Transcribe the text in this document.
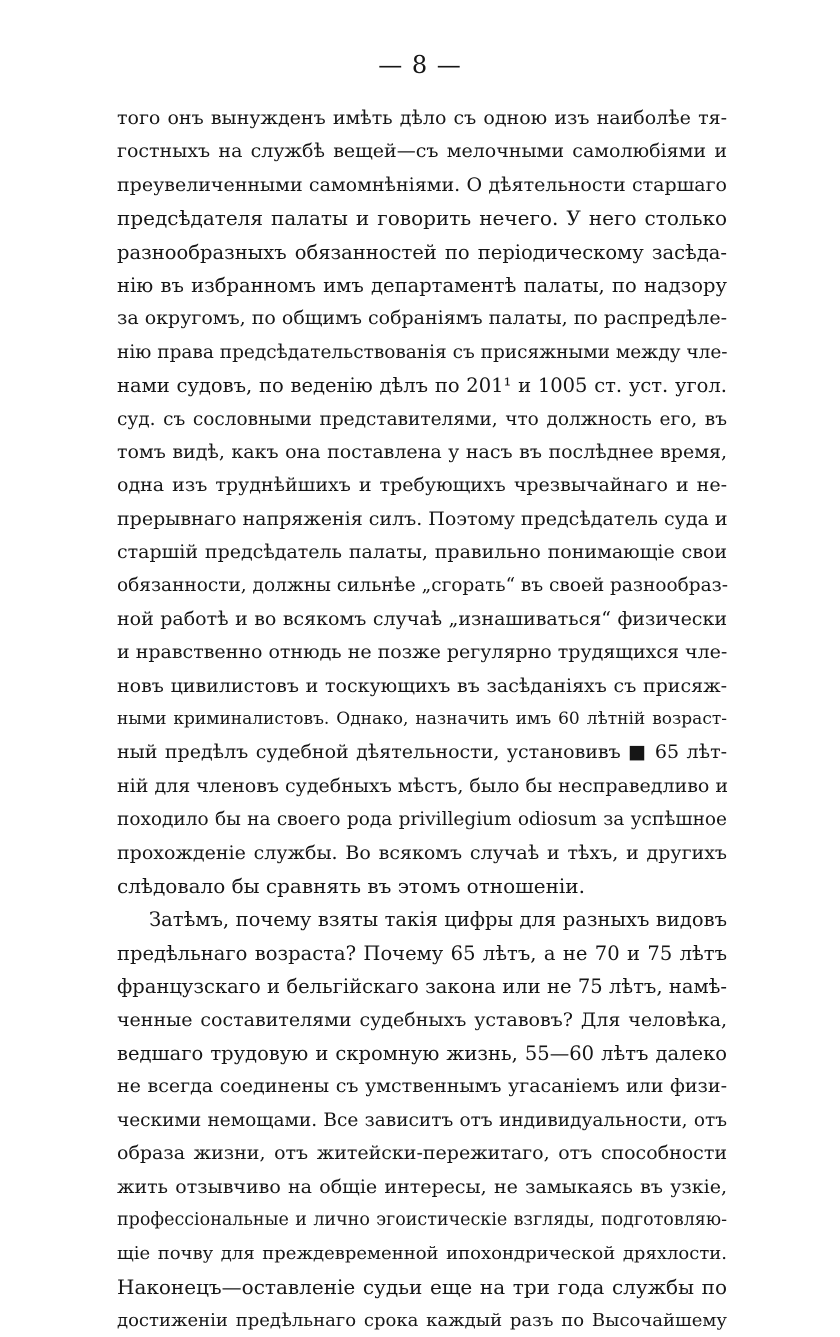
— 8 —
того онъ вынужденъ имѣть дѣло съ одною изъ наиболѣе тя-
гостныхъ на службѣ вещей—съ мелочными самолюбіями и
преувеличенными самомнѣніями. О дѣятельности старшаго
предсѣдателя палаты и говорить нечего. У него столько
разнообразныхъ обязанностей по періодическому засѣда-
нію въ избранномъ имъ департаментѣ палаты, по надзору
за округомъ, по общимъ собраніямъ палаты, по распредѣле-
нію права предсѣдательствованія съ присяжными между чле-
нами судовъ, по веденію дѣлъ по 201¹ и 1005 ст. уст. угол.
суд. съ сословными представителями, что должность его, въ
томъ видѣ, какъ она поставлена у насъ въ послѣднее время,
одна изъ труднѣйшихъ и требующихъ чрезвычайнаго и не-
прерывнаго напряженія силъ. Поэтому предсѣдатель суда и
старшій предсѣдатель палаты, правильно понимающіе свои
обязанности, должны сильнѣе „сгорать“ въ своей разнообраз-
ной работѣ и во всякомъ случаѣ „изнашиваться“ физически
и нравственно отнюдь не позже регулярно трудящихся чле-
новъ цивилистовъ и тоскующихъ въ засѣданіяхъ съ присяж-
ными криминалистовъ. Однако, назначить имъ 60 лѣтній возраст-
ный предѣлъ судебной дѣятельности, установивъ ■ 65 лѣт-
ній для членовъ судебныхъ мѣстъ, было бы несправедливо и
походило бы на своего рода privillegium odiosum за успѣшное
прохожденіе службы. Во всякомъ случаѣ и тѣхъ, и другихъ
слѣдовало бы сравнять въ этомъ отношеніи.
Затѣмъ, почему взяты такія цифры для разныхъ видовъ
предѣльнаго возраста? Почему 65 лѣтъ, а не 70 и 75 лѣтъ
французскаго и бельгійскаго закона или не 75 лѣтъ, намѣ-
ченные составителями судебныхъ уставовъ? Для человѣка,
ведшаго трудовую и скромную жизнь, 55—60 лѣтъ далеко
не всегда соединены съ умственнымъ угасаніемъ или физи-
ческими немощами. Все зависитъ отъ индивидуальности, отъ
образа жизни, отъ житейски-пережитаго, отъ способности
жить отзывчиво на общіе интересы, не замыкаясь въ узкіе,
профессіональные и лично эгоистическіе взгляды, подготовляю-
щіе почву для преждевременной ипохондрической дряхлости.
Наконецъ—оставленіе судьи еще на три года службы по
достиженіи предѣльнаго срока каждый разъ по Высочайшему
